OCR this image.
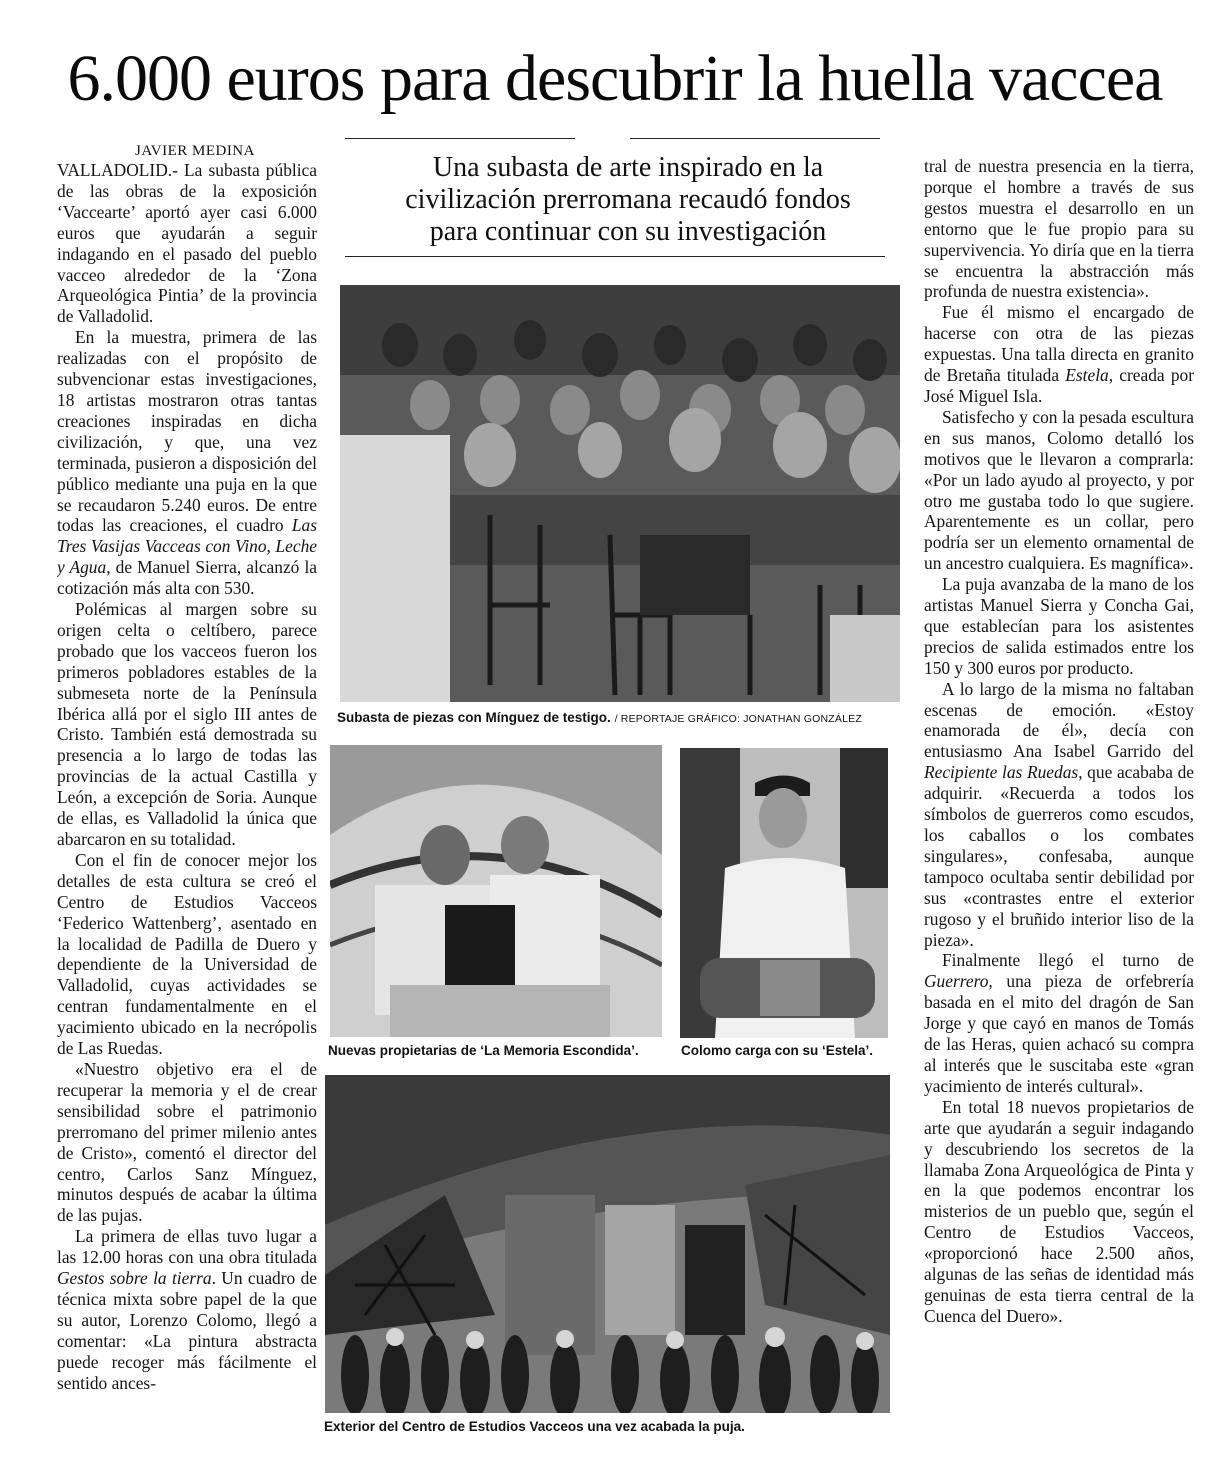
6.000 euros para descubrir la huella vaccea
JAVIER MEDINA
Una subasta de arte inspirado en la civilización prerromana recaudó fondos para continuar con su investigación

VALLADOLID.- La subasta pública de las obras de la exposición ‘Vaccearte’ aportó ayer casi 6.000 euros que ayudarán a seguir indagando en el pasado del pueblo vacceo alrededor de la ‘Zona Arqueológica Pintia’ de la provincia de Valladolid.

En la muestra, primera de las realizadas con el propósito de subvencionar estas investigaciones, 18 artistas mostraron otras tantas creaciones inspiradas en dicha civilización, y que, una vez terminada, pusieron a disposición del público mediante una puja en la que se recaudaron 5.240 euros. De entre todas las creaciones, el cuadro Las Tres Vasijas Vacceas con Vino, Leche y Agua, de Manuel Sierra, alcanzó la cotización más alta con 530.

Polémicas al margen sobre su origen celta o celtíbero, parece probado que los vacceos fueron los primeros pobladores estables de la submeseta norte de la Península Ibérica allá por el siglo III antes de Cristo. También está demostrada su presencia a lo largo de todas las provincias de la actual Castilla y León, a excepción de Soria. Aunque de ellas, es Valladolid la única que abarcaron en su totalidad.

Con el fin de conocer mejor los detalles de esta cultura se creó el Centro de Estudios Vacceos ‘Federico Wattenberg’, asentado en la localidad de Padilla de Duero y dependiente de la Universidad de Valladolid, cuyas actividades se centran fundamentalmente en el yacimiento ubicado en la necrópolis de Las Ruedas.

«Nuestro objetivo era el de recuperar la memoria y el de crear sensibilidad sobre el patrimonio prerromano del primer milenio antes de Cristo», comentó el director del centro, Carlos Sanz Mínguez, minutos después de acabar la última de las pujas.

La primera de ellas tuvo lugar a las 12.00 horas con una obra titulada Gestos sobre la tierra. Un cuadro de técnica mixta sobre papel de la que su autor, Lorenzo Colomo, llegó a comentar: «La pintura abstracta puede recoger más fácilmente el sentido ances-

tral de nuestra presencia en la tierra, porque el hombre a través de sus gestos muestra el desarrollo en un entorno que le fue propio para su supervivencia. Yo diría que en la tierra se encuentra la abstracción más profunda de nuestra existencia».

Fue él mismo el encargado de hacerse con otra de las piezas expuestas. Una talla directa en granito de Bretaña titulada Estela, creada por José Miguel Isla.

Satisfecho y con la pesada escultura en sus manos, Colomo detalló los motivos que le llevaron a comprarla: «Por un lado ayudo al proyecto, y por otro me gustaba todo lo que sugiere. Aparentemente es un collar, pero podría ser un elemento ornamental de un ancestro cualquiera. Es magnífica».

La puja avanzaba de la mano de los artistas Manuel Sierra y Concha Gai, que establecían para los asistentes precios de salida estimados entre los 150 y 300 euros por producto.

A lo largo de la misma no faltaban escenas de emoción. «Estoy enamorada de él», decía con entusiasmo Ana Isabel Garrido del Recipiente las Ruedas, que acababa de adquirir. «Recuerda a todos los símbolos de guerreros como escudos, los caballos o los combates singulares», confesaba, aunque tampoco ocultaba sentir debilidad por sus «contrastes entre el exterior rugoso y el bruñido interior liso de la pieza».

Finalmente llegó el turno de Guerrero, una pieza de orfebrería basada en el mito del dragón de San Jorge y que cayó en manos de Tomás de las Heras, quien achacó su compra al interés que le suscitaba este «gran yacimiento de interés cultural».

En total 18 nuevos propietarios de arte que ayudarán a seguir indagando y descubriendo los secretos de la llamaba Zona Arqueológica de Pinta y en la que podemos encontrar los misterios de un pueblo que, según el Centro de Estudios Vacceos, «proporcionó hace 2.500 años, algunas de las señas de identidad más genuinas de esta tierra central de la Cuenca del Duero».

Subasta de piezas con Mínguez de testigo. / REPORTAJE GRÁFICO: JONATHAN GONZÁLEZ
Nuevas propietarias de ‘La Memoria Escondida’.	Colomo carga con su ‘Estela’.
Exterior del Centro de Estudios Vacceos una vez acabada la puja.
